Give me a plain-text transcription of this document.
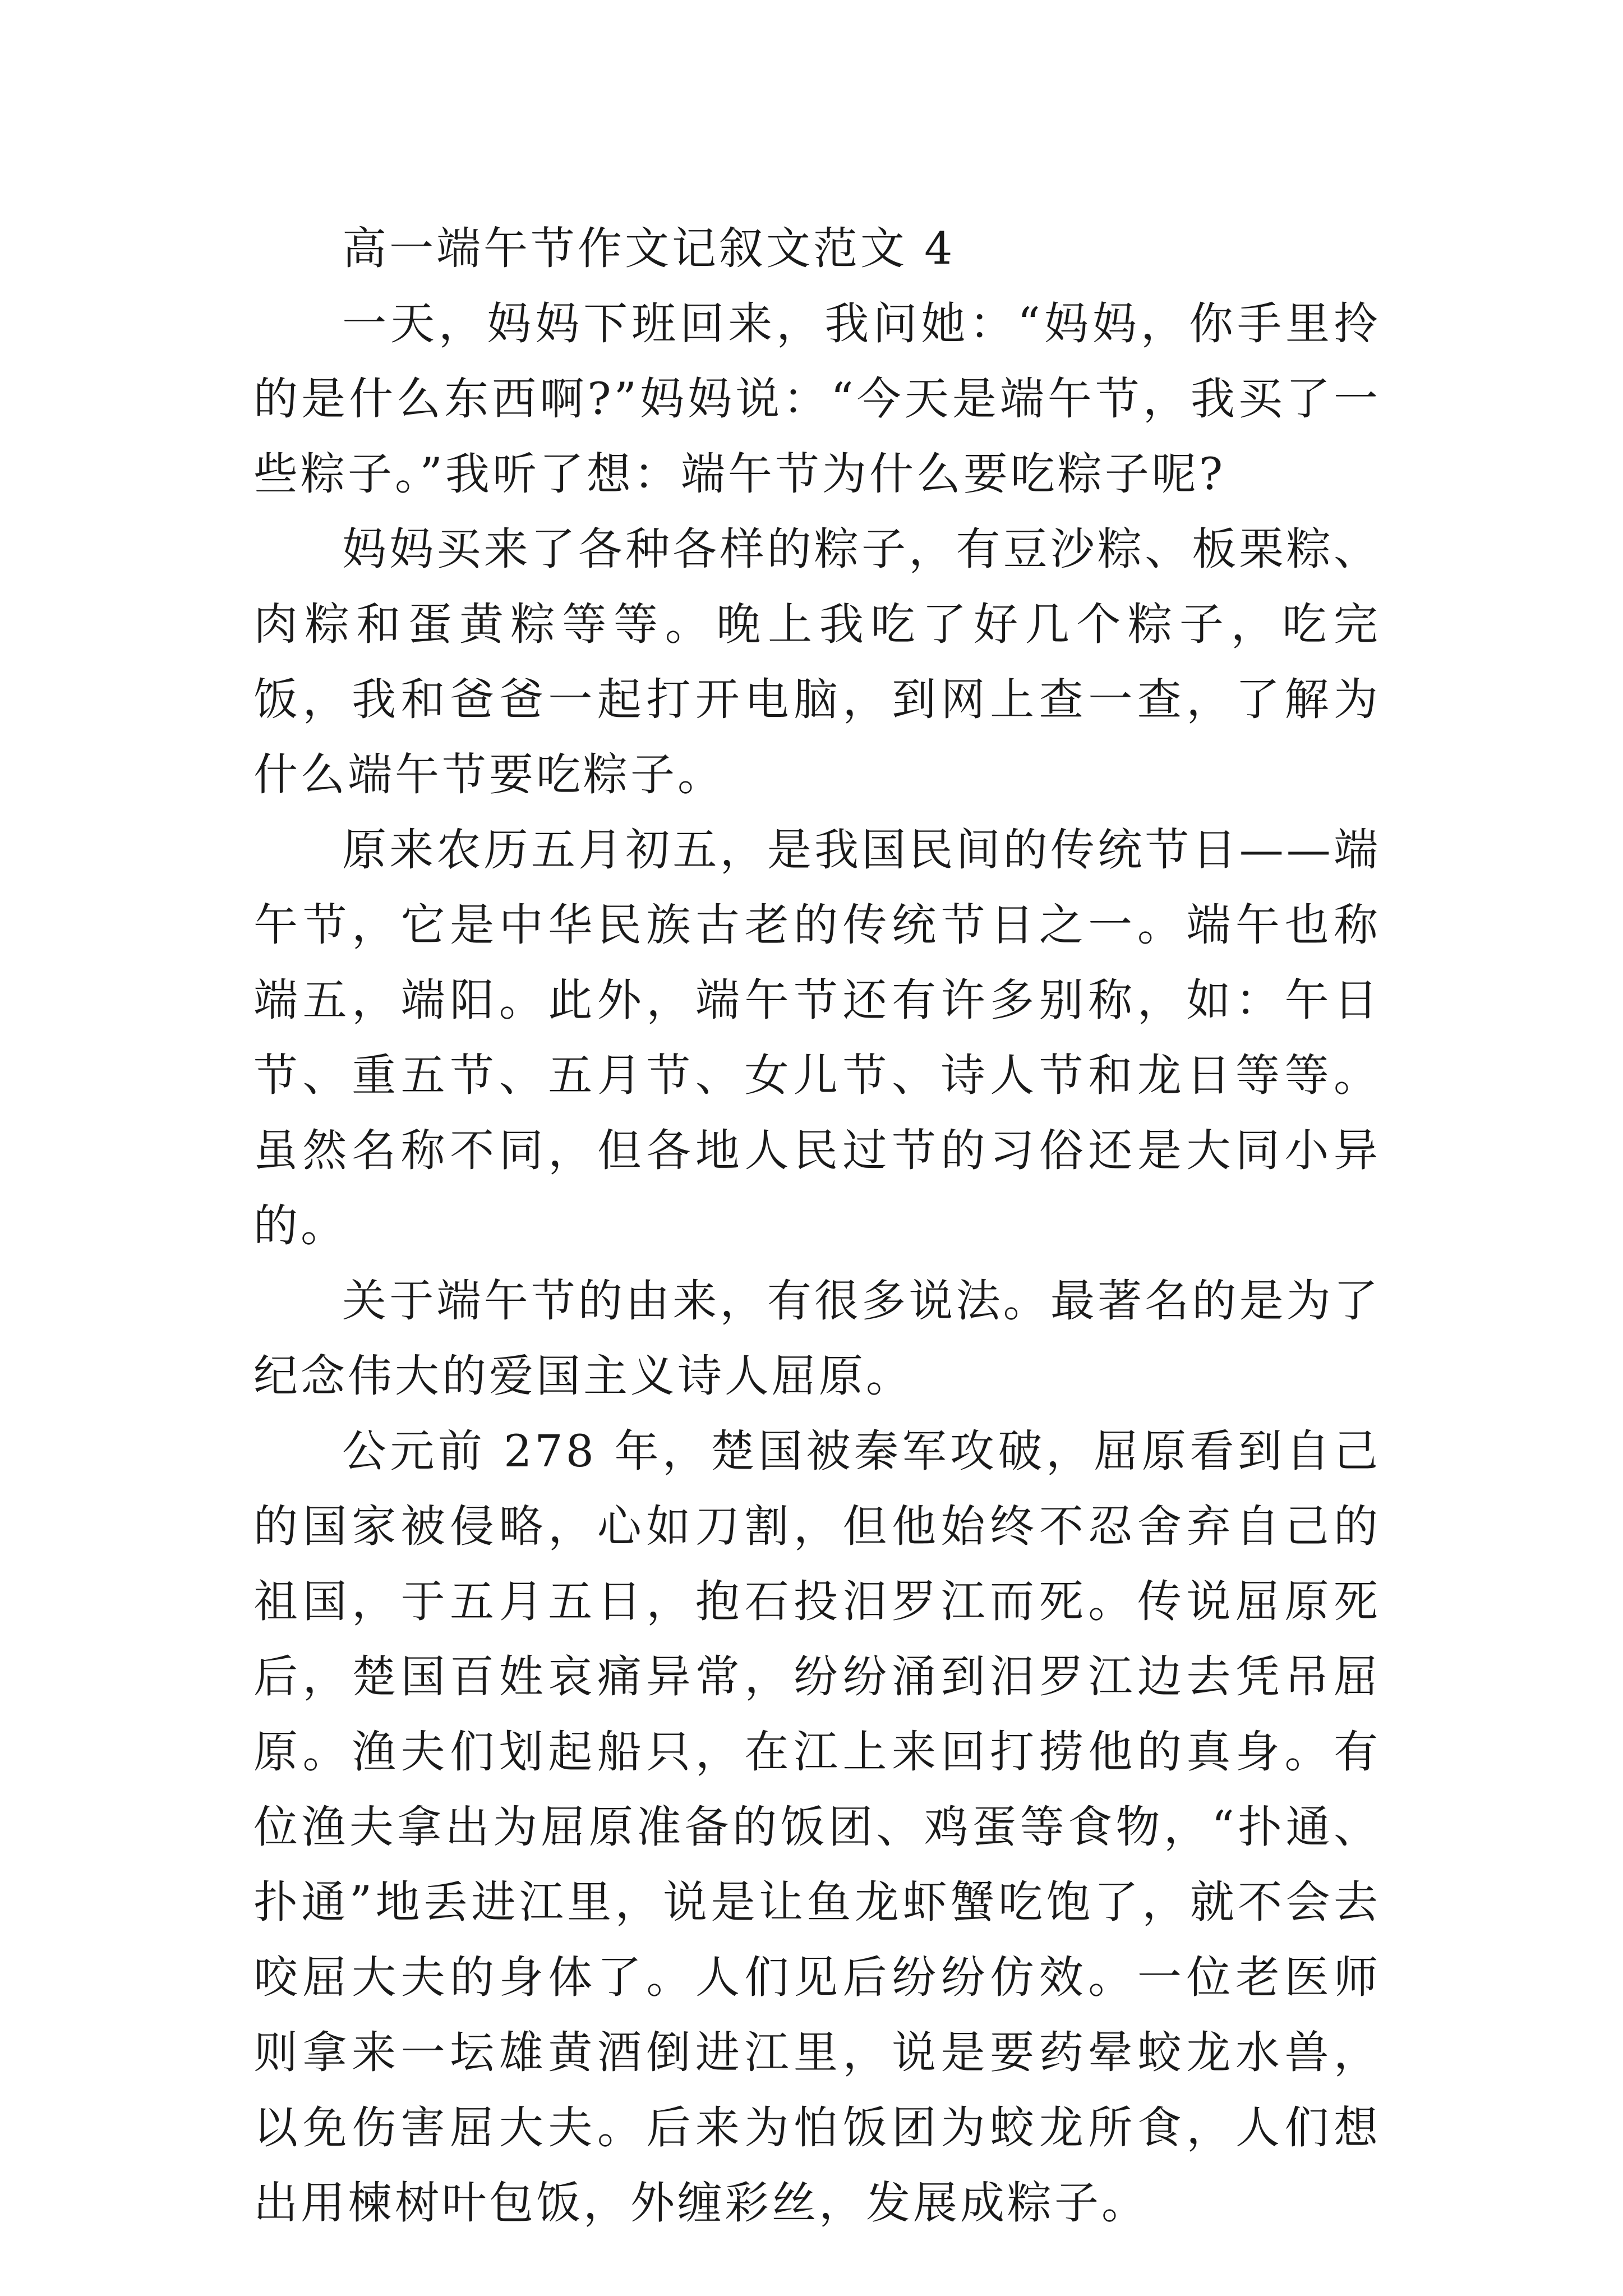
高一端午节作文记叙文范文 4

一天，妈妈下班回来，我问她：“妈妈，你手里拎的是什么东西啊?”妈妈说：“今天是端午节，我买了一些粽子。”我听了想：端午节为什么要吃粽子呢?

妈妈买来了各种各样的粽子，有豆沙粽、板栗粽、肉粽和蛋黄粽等等。晚上我吃了好几个粽子，吃完饭，我和爸爸一起打开电脑，到网上查一查，了解为什么端午节要吃粽子。

原来农历五月初五，是我国民间的传统节日——端午节，它是中华民族古老的传统节日之一。端午也称端五，端阳。此外，端午节还有许多别称，如：午日节、重五节、五月节、女儿节、诗人节和龙日等等。虽然名称不同，但各地人民过节的习俗还是大同小异的。

关于端午节的由来，有很多说法。最著名的是为了纪念伟大的爱国主义诗人屈原。

公元前 278 年，楚国被秦军攻破，屈原看到自己的国家被侵略，心如刀割，但他始终不忍舍弃自己的祖国，于五月五日，抱石投汨罗江而死。传说屈原死后，楚国百姓哀痛异常，纷纷涌到汨罗江边去凭吊屈原。渔夫们划起船只，在江上来回打捞他的真身。有位渔夫拿出为屈原准备的饭团、鸡蛋等食物，“扑通、扑通”地丢进江里，说是让鱼龙虾蟹吃饱了，就不会去咬屈大夫的身体了。人们见后纷纷仿效。一位老医师则拿来一坛雄黄酒倒进江里，说是要药晕蛟龙水兽，以免伤害屈大夫。后来为怕饭团为蛟龙所食，人们想出用楝树叶包饭，外缠彩丝，发展成粽子。
